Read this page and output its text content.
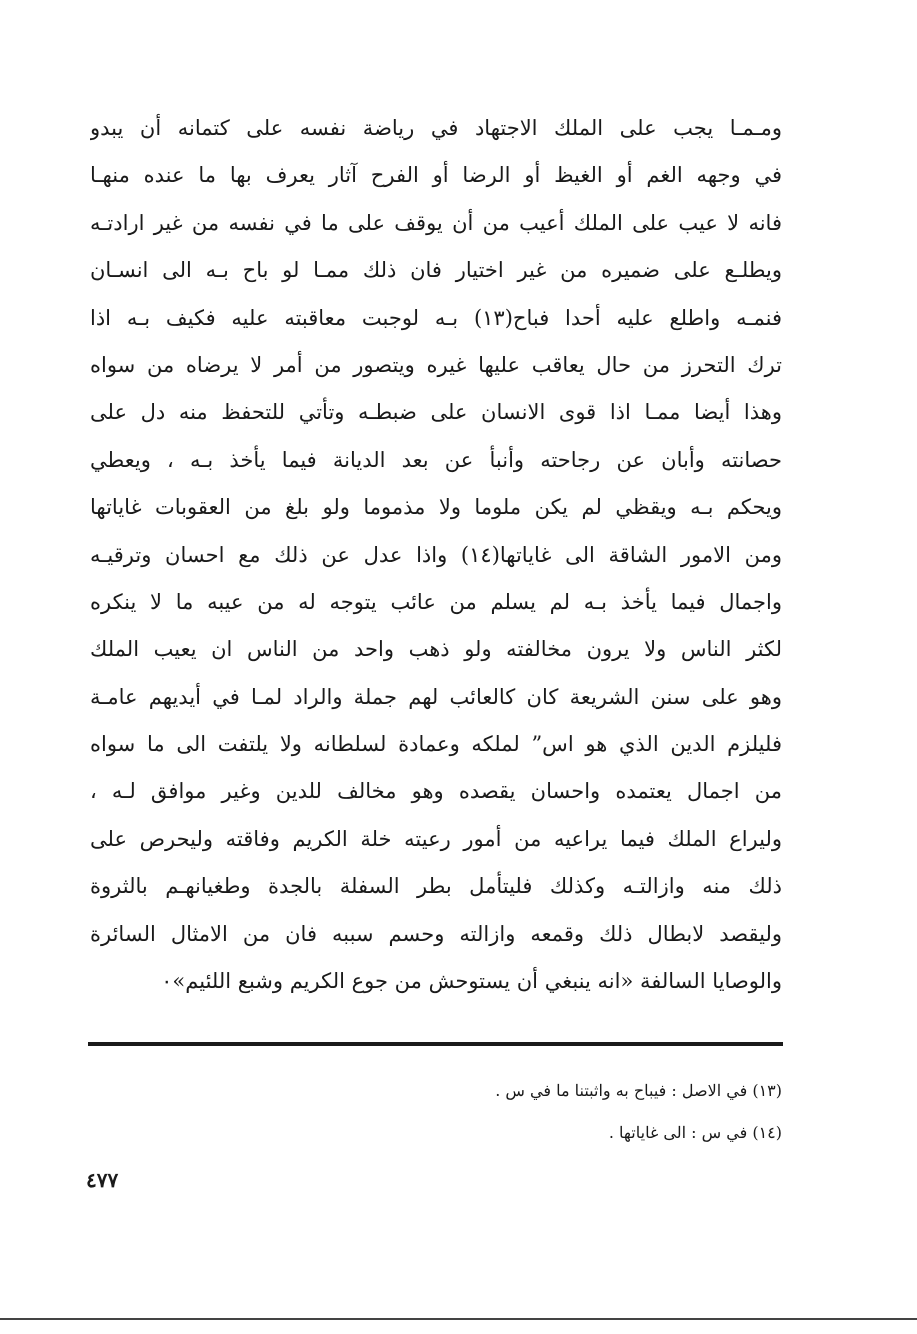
ومـمـا يجب على الملك الاجتهاد في رياضة نفسه على كتمانه أن يبدو
في وجهه الغم أو الغيظ أو الرضا أو الفرح آثار يعرف بها ما عنده منهـا
فانه لا عيب على الملك أعيب من أن يوقف على ما في نفسه من غير ارادتـه
ويطلـع على ضميره من غير اختيار فان ذلك ممـا لو باح بـه الى انسـان
فنمـه واطلع عليه أحدا فباح(١٣) بـه لوجبت معاقبته عليه فكيف بـه اذا
ترك التحرز من حال يعاقب عليها غيره ويتصور من أمر لا يرضاه من سواه
وهذا أيضا ممـا اذا قوى الانسان على ضبطـه وتأتي للتحفظ منه دل على
حصانته وأبان عن رجاحته وأنبأ عن بعد الديانة فيما يأخذ بـه ، ويعطي
ويحكم بـه ويقظي لم يكن ملوما ولا مذموما ولو بلغ من العقوبات غاياتها
ومن الامور الشاقة الى غاياتها(١٤) واذا عدل عن ذلك مع احسان وترقيـه
واجمال فيما يأخذ بـه لم يسلم من عائب يتوجه له من عيبه ما لا ينكره
لكثر الناس ولا يرون مخالفته ولو ذهب واحد من الناس ان يعيب الملك
وهو على سنن الشريعة كان كالعائب لهم جملة والراد لمـا في أيديهم عامـة
فليلزم الدين الذي هو اس” لملكه وعمادة لسلطانه ولا يلتفت الى ما سواه
من اجمال يعتمده واحسان يقصده وهو مخالف للدين وغير موافق لـه ،
وليراع الملك فيما يراعيه من أمور رعيته خلة الكريم وفاقته وليحرص على
ذلك منه وازالتـه وكذلك فليتأمل بطر السفلة بالجدة وطغيانهـم بالثروة
وليقصد لابطال ذلك وقمعه وازالته وحسم سببه فان من الامثال السائرة
والوصايا السالفة «انه ينبغي أن يستوحش من جوع الكريم وشبع اللئيم»٠
(١٣) في الاصل : فيباح به واثبتنا ما في س .
(١٤) في س : الى غاياتها .
٤٧٧
